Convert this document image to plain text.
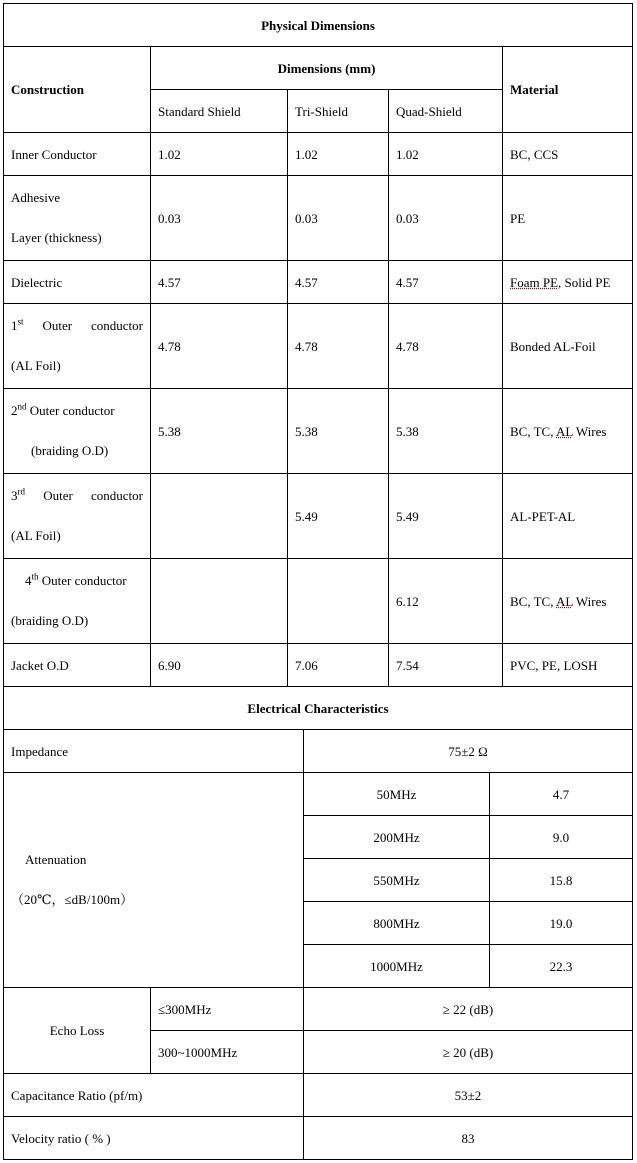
Physical Dimensions				
Construction	Dimensions (mm)			Material
	Standard Shield	Tri-Shield	Quad-Shield	
Inner Conductor	1.02	1.02	1.02	BC, CCS

Adhesive
Layer (thickness)	0.03	0.03	0.03	PE
Dielectric	4.57	4.57	4.57	Foam PE, Solid PE

1st Outer conductor
(AL Foil)	4.78	4.78	4.78	Bonded AL-Foil

2nd Outer conductor
(braiding O.D)	5.38	5.38	5.38	BC, TC, AL Wires

3rd Outer conductor
(AL Foil)		5.49	5.49	AL-PET-AL

4th Outer conductor
(braiding O.D)			6.12	BC, TC, AL Wires
Jacket O.D	6.90	7.06	7.54	PVC, PE, LOSH
Electrical Characteristics			
Impedance		75±2 Ω	

Attenuation
（20℃，≤dB/100m）		50MHz	4.7
		200MHz	9.0
		550MHz	15.8
		800MHz	19.0
		1000MHz	22.3
Echo Loss	≤300MHz	≥ 22 (dB)	
	300~1000MHz	≥ 20 (dB)	
Capacitance Ratio (pf/m)		53±2	
Velocity ratio ( % )		83	
